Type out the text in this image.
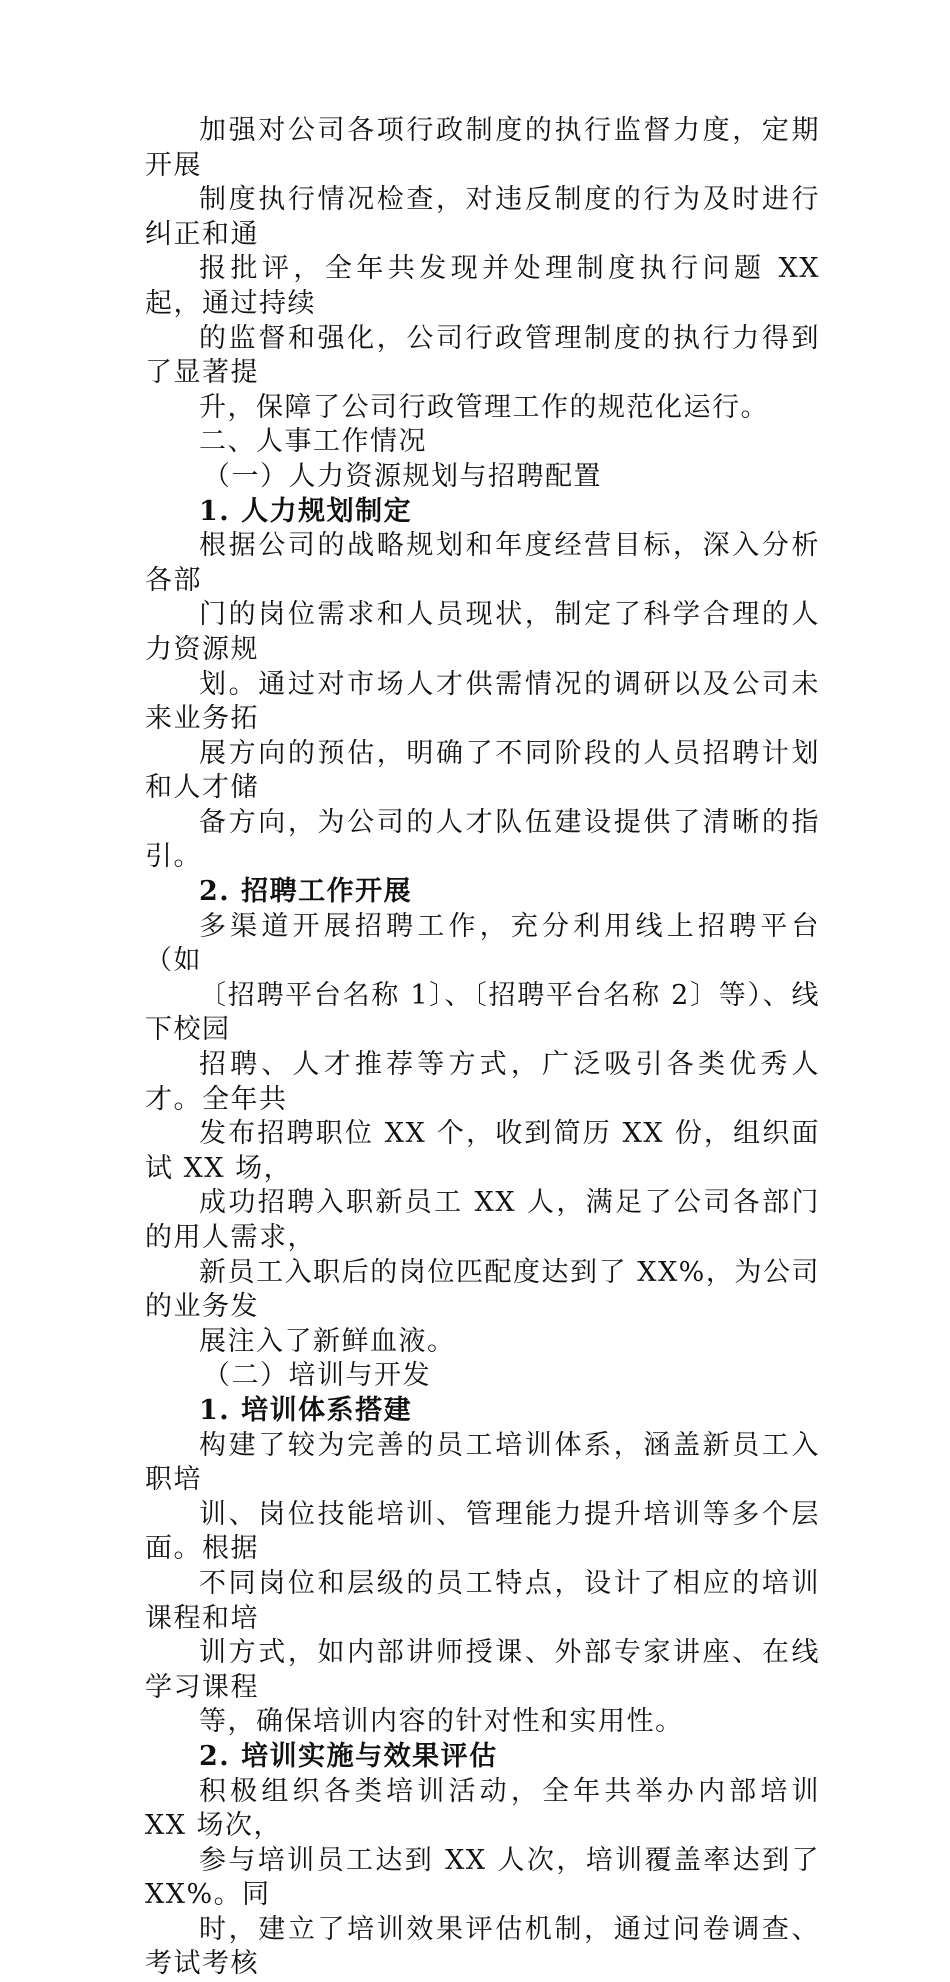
加强对公司各项行政制度的执行监督力度，定期开展
制度执行情况检查，对违反制度的行为及时进行纠正和通
报批评，全年共发现并处理制度执行问题 XX 起，通过持续
的监督和强化，公司行政管理制度的执行力得到了显著提
升，保障了公司行政管理工作的规范化运行。
二、人事工作情况
（一）人力资源规划与招聘配置
1. 人力规划制定
根据公司的战略规划和年度经营目标，深入分析各部
门的岗位需求和人员现状，制定了科学合理的人力资源规
划。通过对市场人才供需情况的调研以及公司未来业务拓
展方向的预估，明确了不同阶段的人员招聘计划和人才储
备方向，为公司的人才队伍建设提供了清晰的指引。
2. 招聘工作开展
多渠道开展招聘工作，充分利用线上招聘平台（如
〔招聘平台名称 1〕、〔招聘平台名称 2〕等）、线下校园
招聘、人才推荐等方式，广泛吸引各类优秀人才。全年共
发布招聘职位 XX 个，收到简历 XX 份，组织面试 XX 场，
成功招聘入职新员工 XX 人，满足了公司各部门的用人需求，
新员工入职后的岗位匹配度达到了 XX%，为公司的业务发
展注入了新鲜血液。
（二）培训与开发
1. 培训体系搭建
构建了较为完善的员工培训体系，涵盖新员工入职培
训、岗位技能培训、管理能力提升培训等多个层面。根据
不同岗位和层级的员工特点，设计了相应的培训课程和培
训方式，如内部讲师授课、外部专家讲座、在线学习课程
等，确保培训内容的针对性和实用性。
2. 培训实施与效果评估
积极组织各类培训活动，全年共举办内部培训 XX 场次，
参与培训员工达到 XX 人次，培训覆盖率达到了 XX%。同
时，建立了培训效果评估机制，通过问卷调查、考试考核
